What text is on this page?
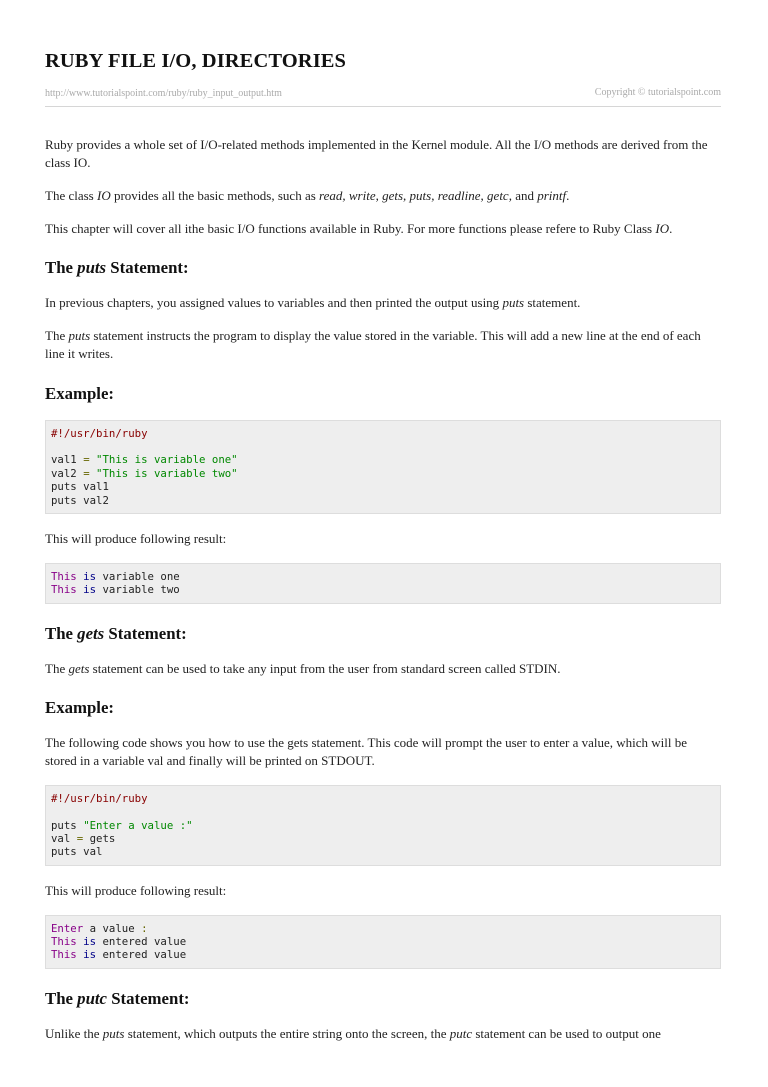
RUBY FILE I/O, DIRECTORIES
http://www.tutorialspoint.com/ruby/ruby_input_output.htm	Copyright © tutorialspoint.com

Ruby provides a whole set of I/O-related methods implemented in the Kernel module. All the I/O methods are derived from the class IO.

The class IO provides all the basic methods, such as read, write, gets, puts, readline, getc, and printf.

This chapter will cover all ithe basic I/O functions available in Ruby. For more functions please refere to Ruby Class IO.

The puts Statement:

In previous chapters, you assigned values to variables and then printed the output using puts statement.

The puts statement instructs the program to display the value stored in the variable. This will add a new line at the end of each line it writes.

Example:
#!/usr/bin/ruby
val1 = "This is variable one"
val2 = "This is variable two"
puts val1
puts val2

This will produce following result:

This is variable one
This is variable two
The gets Statement:

The gets statement can be used to take any input from the user from standard screen called STDIN.

Example:

The following code shows you how to use the gets statement. This code will prompt the user to enter a value, which will be stored in a variable val and finally will be printed on STDOUT.

#!/usr/bin/ruby
puts "Enter a value :"
val = gets
puts val

This will produce following result:

Enter a value :
This is entered value
This is entered value
The putc Statement:

Unlike the puts statement, which outputs the entire string onto the screen, the putc statement can be used to output one
